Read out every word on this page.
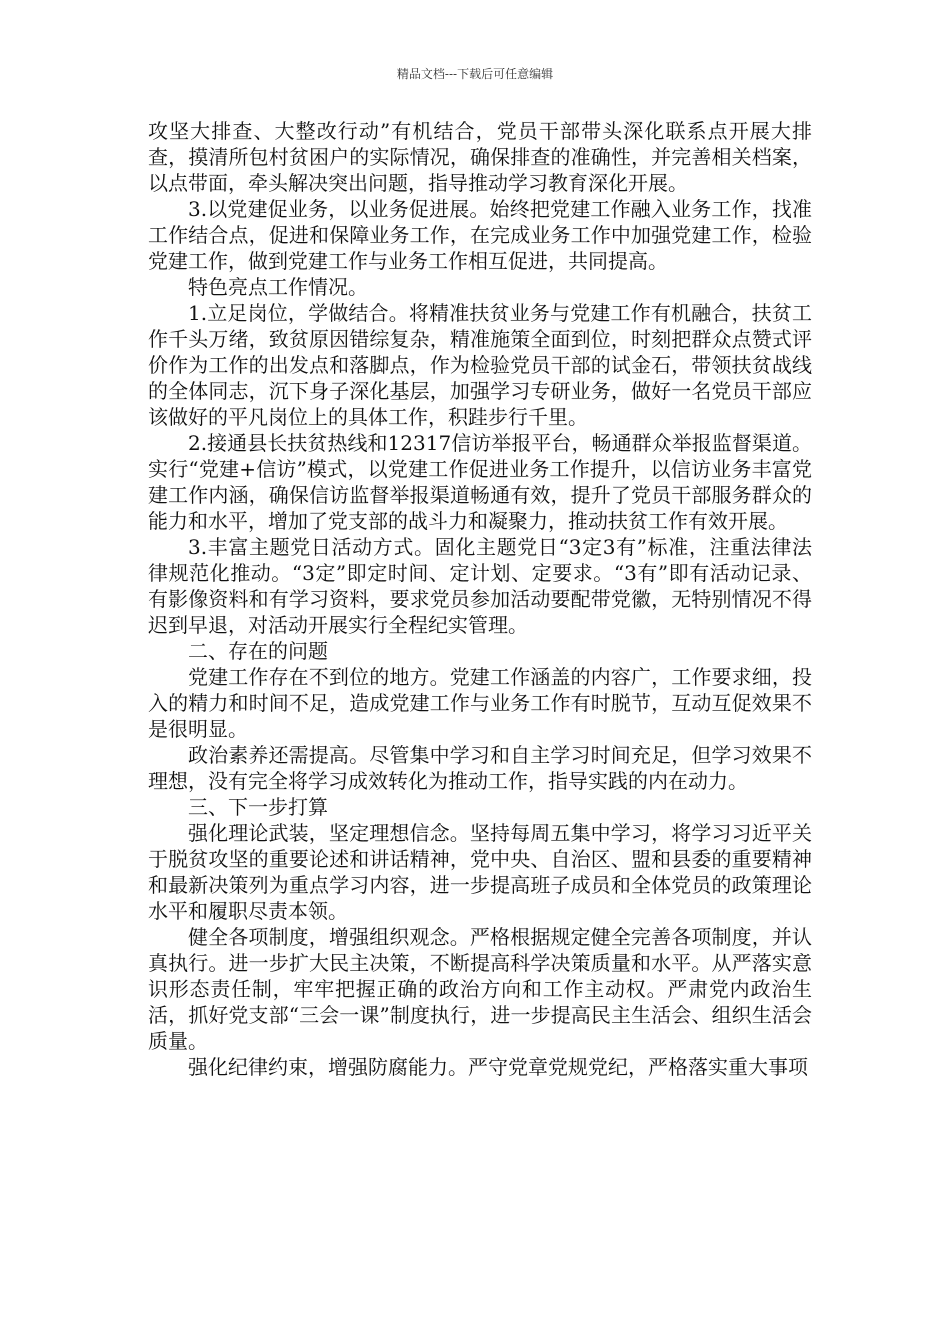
精品文档---下载后可任意编辑

攻坚大排查、大整改行动”有机结合，党员干部带头深化联系点开展大排查，摸清所包村贫困户的实际情况，确保排查的准确性，并完善相关档案，以点带面，牵头解决突出问题，指导推动学习教育深化开展。

3.以党建促业务，以业务促进展。始终把党建工作融入业务工作，找准工作结合点，促进和保障业务工作，在完成业务工作中加强党建工作，检验党建工作，做到党建工作与业务工作相互促进，共同提高。

特色亮点工作情况。

1.立足岗位，学做结合。将精准扶贫业务与党建工作有机融合，扶贫工作千头万绪，致贫原因错综复杂，精准施策全面到位，时刻把群众点赞式评价作为工作的出发点和落脚点，作为检验党员干部的试金石，带领扶贫战线的全体同志，沉下身子深化基层，加强学习专研业务，做好一名党员干部应该做好的平凡岗位上的具体工作，积跬步行千里。

2.接通县长扶贫热线和12317信访举报平台，畅通群众举报监督渠道。实行“党建+信访”模式，以党建工作促进业务工作提升，以信访业务丰富党建工作内涵，确保信访监督举报渠道畅通有效，提升了党员干部服务群众的能力和水平，增加了党支部的战斗力和凝聚力，推动扶贫工作有效开展。

3.丰富主题党日活动方式。固化主题党日“3定3有”标准，注重法律法律规范化推动。“3定”即定时间、定计划、定要求。“3有”即有活动记录、有影像资料和有学习资料，要求党员参加活动要配带党徽，无特别情况不得迟到早退，对活动开展实行全程纪实管理。

二、存在的问题

党建工作存在不到位的地方。党建工作涵盖的内容广，工作要求细，投入的精力和时间不足，造成党建工作与业务工作有时脱节，互动互促效果不是很明显。

政治素养还需提高。尽管集中学习和自主学习时间充足，但学习效果不理想，没有完全将学习成效转化为推动工作，指导实践的内在动力。

三、下一步打算

强化理论武装，坚定理想信念。坚持每周五集中学习，将学习习近平关于脱贫攻坚的重要论述和讲话精神，党中央、自治区、盟和县委的重要精神和最新决策列为重点学习内容，进一步提高班子成员和全体党员的政策理论水平和履职尽责本领。

健全各项制度，增强组织观念。严格根据规定健全完善各项制度，并认真执行。进一步扩大民主决策，不断提高科学决策质量和水平。从严落实意识形态责任制，牢牢把握正确的政治方向和工作主动权。严肃党内政治生活，抓好党支部“三会一课”制度执行，进一步提高民主生活会、组织生活会质量。

强化纪律约束，增强防腐能力。严守党章党规党纪，严格落实重大事项
